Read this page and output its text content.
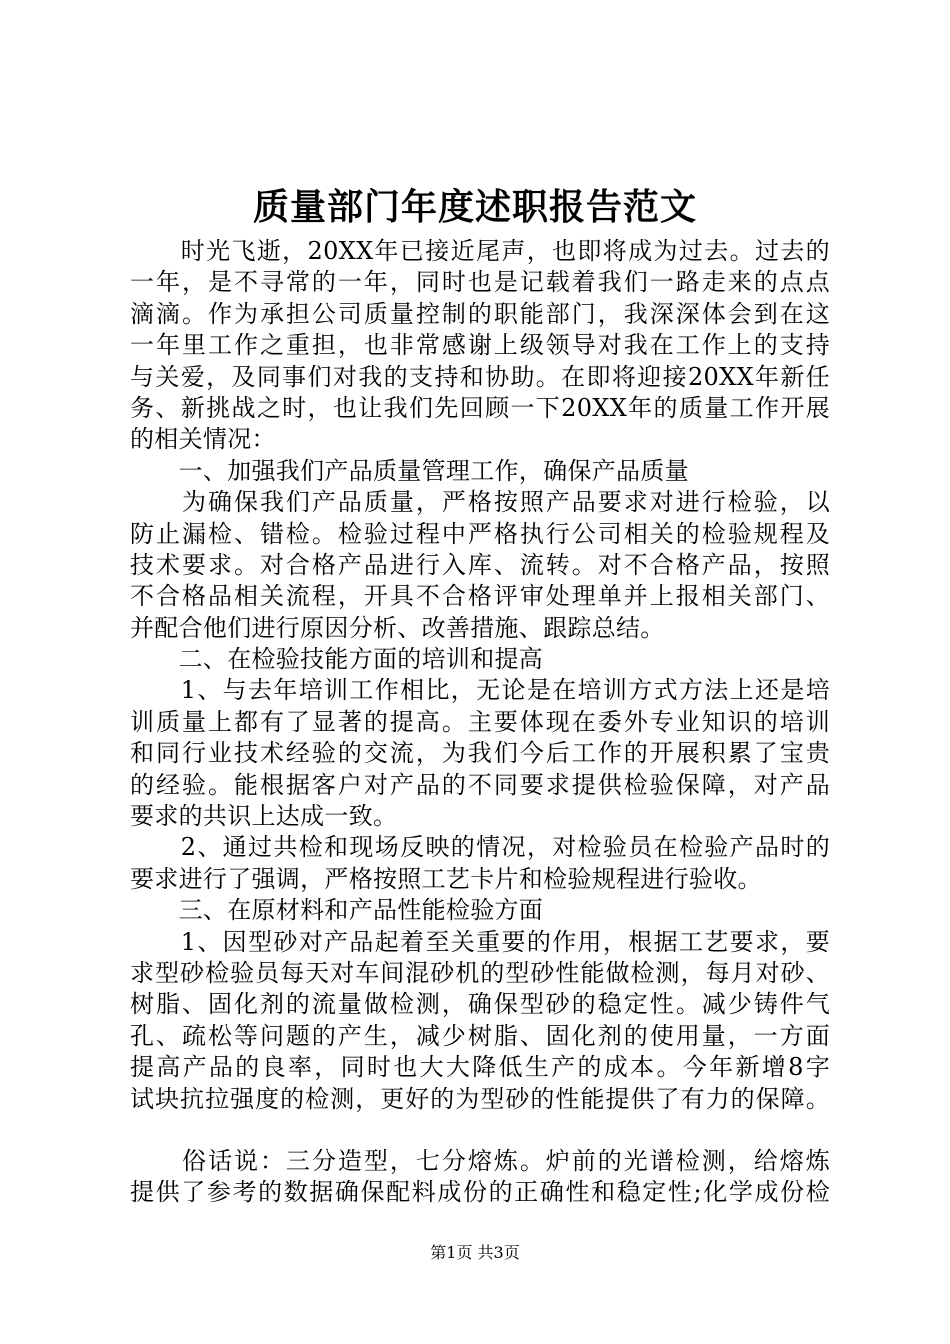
质量部门年度述职报告范文
　　时光飞逝，20XX年已接近尾声，也即将成为过去。过去的
一年，是不寻常的一年，同时也是记载着我们一路走来的点点
滴滴。作为承担公司质量控制的职能部门，我深深体会到在这
一年里工作之重担，也非常感谢上级领导对我在工作上的支持
与关爱，及同事们对我的支持和协助。在即将迎接20XX年新任
务、新挑战之时，也让我们先回顾一下20XX年的质量工作开展
的相关情况：
　　一、加强我们产品质量管理工作，确保产品质量
　　为确保我们产品质量，严格按照产品要求对进行检验，以
防止漏检、错检。检验过程中严格执行公司相关的检验规程及
技术要求。对合格产品进行入库、流转。对不合格产品，按照
不合格品相关流程，开具不合格评审处理单并上报相关部门、
并配合他们进行原因分析、改善措施、跟踪总结。
　　二、在检验技能方面的培训和提高
　　1、与去年培训工作相比，无论是在培训方式方法上还是培
训质量上都有了显著的提高。主要体现在委外专业知识的培训
和同行业技术经验的交流，为我们今后工作的开展积累了宝贵
的经验。能根据客户对产品的不同要求提供检验保障，对产品
要求的共识上达成一致。
　　2、通过共检和现场反映的情况，对检验员在检验产品时的
要求进行了强调，严格按照工艺卡片和检验规程进行验收。
　　三、在原材料和产品性能检验方面
　　1、因型砂对产品起着至关重要的作用，根据工艺要求，要
求型砂检验员每天对车间混砂机的型砂性能做检测，每月对砂、
树脂、固化剂的流量做检测，确保型砂的稳定性。减少铸件气
孔、疏松等问题的产生，减少树脂、固化剂的使用量，一方面
提高产品的良率，同时也大大降低生产的成本。今年新增8字
试块抗拉强度的检测，更好的为型砂的性能提供了有力的保障。
　　俗话说：三分造型，七分熔炼。炉前的光谱检测，给熔炼
提供了参考的数据确保配料成份的正确性和稳定性;化学成份检
第1页 共3页
